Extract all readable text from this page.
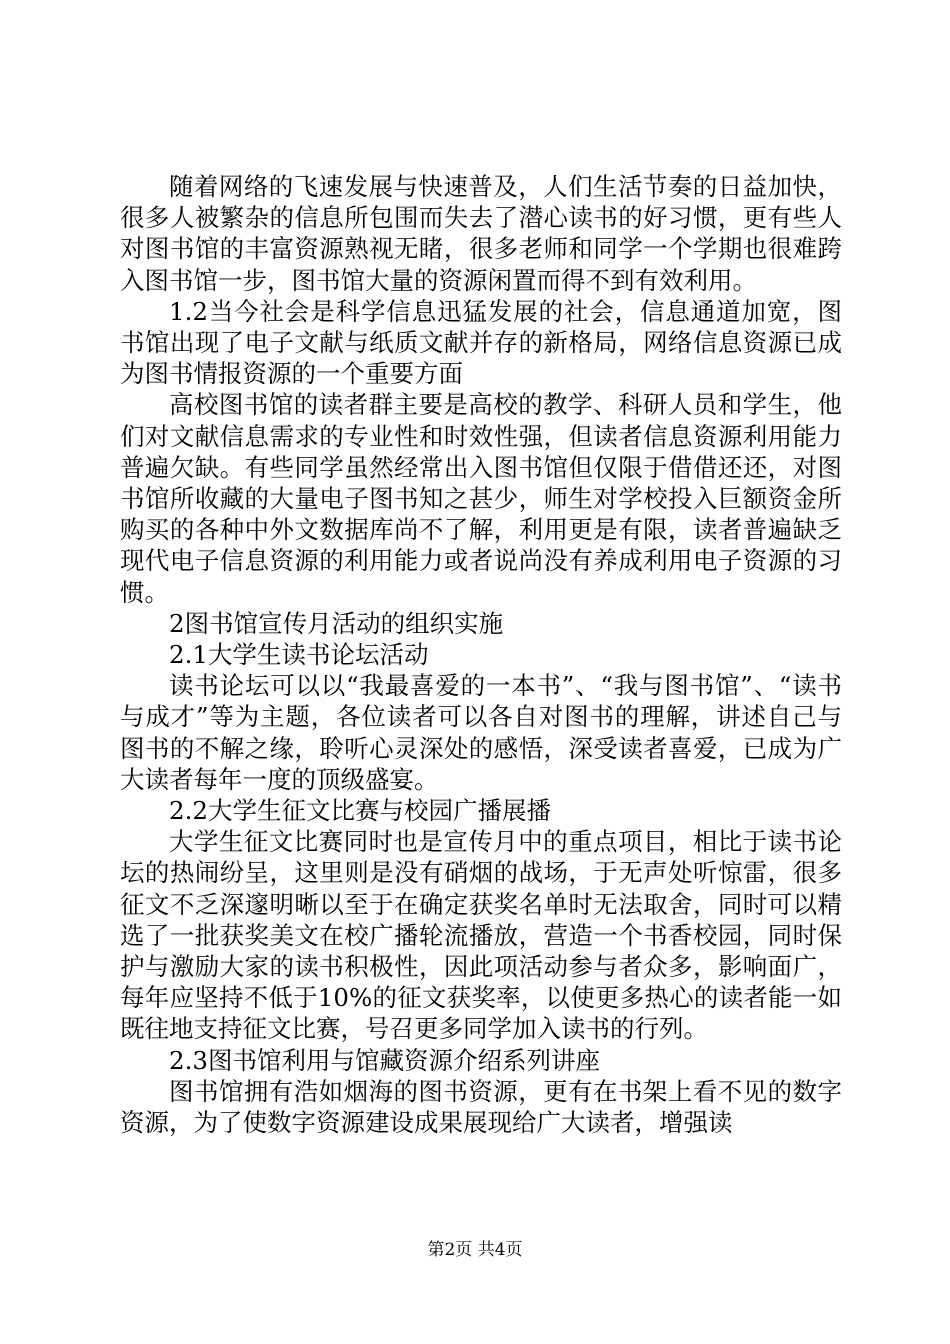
随着网络的飞速发展与快速普及，人们生活节奏的日益加快，很多人被繁杂的信息所包围而失去了潜心读书的好习惯，更有些人对图书馆的丰富资源熟视无睹，很多老师和同学一个学期也很难跨入图书馆一步，图书馆大量的资源闲置而得不到有效利用。

1.2当今社会是科学信息迅猛发展的社会，信息通道加宽，图书馆出现了电子文献与纸质文献并存的新格局，网络信息资源已成为图书情报资源的一个重要方面

高校图书馆的读者群主要是高校的教学、科研人员和学生，他们对文献信息需求的专业性和时效性强，但读者信息资源利用能力普遍欠缺。有些同学虽然经常出入图书馆但仅限于借借还还，对图书馆所收藏的大量电子图书知之甚少，师生对学校投入巨额资金所购买的各种中外文数据库尚不了解，利用更是有限，读者普遍缺乏现代电子信息资源的利用能力或者说尚没有养成利用电子资源的习惯。

2图书馆宣传月活动的组织实施

2.1大学生读书论坛活动

读书论坛可以以“我最喜爱的一本书”、“我与图书馆”、“读书与成才”等为主题，各位读者可以各自对图书的理解，讲述自己与图书的不解之缘，聆听心灵深处的感悟，深受读者喜爱，已成为广大读者每年一度的顶级盛宴。

2.2大学生征文比赛与校园广播展播

大学生征文比赛同时也是宣传月中的重点项目，相比于读书论坛的热闹纷呈，这里则是没有硝烟的战场，于无声处听惊雷，很多征文不乏深邃明晰以至于在确定获奖名单时无法取舍，同时可以精选了一批获奖美文在校广播轮流播放，营造一个书香校园，同时保护与激励大家的读书积极性，因此项活动参与者众多，影响面广，每年应坚持不低于10%的征文获奖率，以使更多热心的读者能一如既往地支持征文比赛，号召更多同学加入读书的行列。

2.3图书馆利用与馆藏资源介绍系列讲座

图书馆拥有浩如烟海的图书资源，更有在书架上看不见的数字资源，为了使数字资源建设成果展现给广大读者，增强读

第2页 共4页
